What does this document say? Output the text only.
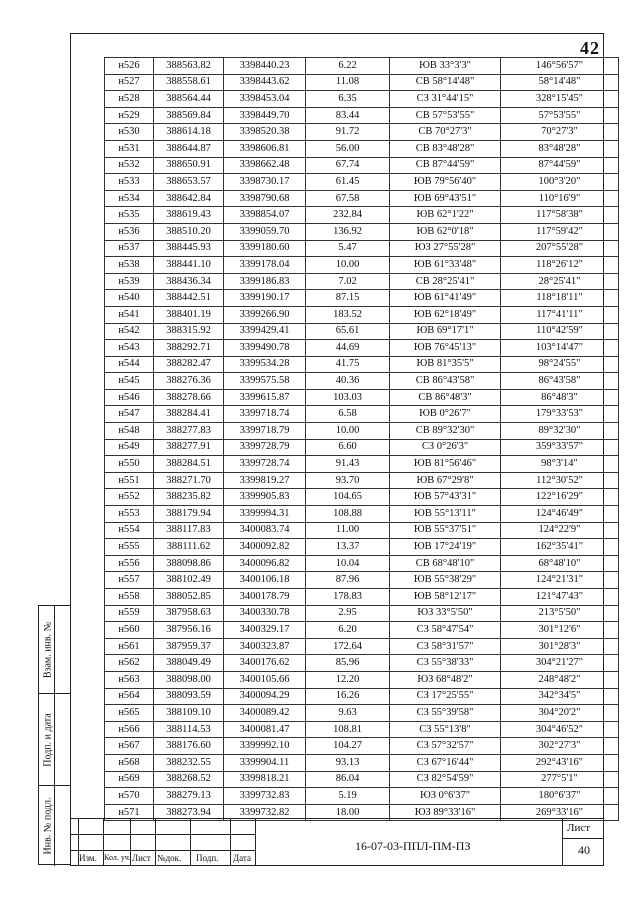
42
н526	388563.82	3398440.23	6.22	ЮВ 33°3'3"	146°56'57"
н527	388558.61	3398443.62	11.08	СВ 58°14'48"	58°14'48"
н528	388564.44	3398453.04	6.35	СЗ 31°44'15"	328°15'45"
н529	388569.84	3398449.70	83.44	СВ 57°53'55"	57°53'55"
н530	388614.18	3398520.38	91.72	СВ 70°27'3"	70°27'3"
н531	388644.87	3398606.81	56.00	СВ 83°48'28"	83°48'28"
н532	388650.91	3398662.48	67.74	СВ 87°44'59"	87°44'59"
н533	388653.57	3398730.17	61.45	ЮВ 79°56'40"	100°3'20"
н534	388642.84	3398790.68	67.58	ЮВ 69°43'51"	110°16'9"
н535	388619.43	3398854.07	232.84	ЮВ 62°1'22"	117°58'38"
н536	388510.20	3399059.70	136.92	ЮВ 62°0'18"	117°59'42"
н537	388445.93	3399180.60	5.47	ЮЗ 27°55'28"	207°55'28"
н538	388441.10	3399178.04	10.00	ЮВ 61°33'48"	118°26'12"
н539	388436.34	3399186.83	7.02	СВ 28°25'41"	28°25'41"
н540	388442.51	3399190.17	87.15	ЮВ 61°41'49"	118°18'11"
н541	388401.19	3399266.90	183.52	ЮВ 62°18'49"	117°41'11"
н542	388315.92	3399429.41	65.61	ЮВ 69°17'1"	110°42'59"
н543	388292.71	3399490.78	44.69	ЮВ 76°45'13"	103°14'47"
н544	388282.47	3399534.28	41.75	ЮВ 81°35'5"	98°24'55"
н545	388276.36	3399575.58	40.36	СВ 86°43'58"	86°43'58"
н546	388278.66	3399615.87	103.03	СВ 86°48'3"	86°48'3"
н547	388284.41	3399718.74	6.58	ЮВ 0°26'7"	179°33'53"
н548	388277.83	3399718.79	10.00	СВ 89°32'30"	89°32'30"
н549	388277.91	3399728.79	6.60	СЗ 0°26'3"	359°33'57"
н550	388284.51	3399728.74	91.43	ЮВ 81°56'46"	98°3'14"
н551	388271.70	3399819.27	93.70	ЮВ 67°29'8"	112°30'52"
н552	388235.82	3399905.83	104.65	ЮВ 57°43'31"	122°16'29"
н553	388179.94	3399994.31	108.88	ЮВ 55°13'11"	124°46'49"
н554	388117.83	3400083.74	11.00	ЮВ 55°37'51"	124°22'9"
н555	388111.62	3400092.82	13.37	ЮВ 17°24'19"	162°35'41"
н556	388098.86	3400096.82	10.04	СВ 68°48'10"	68°48'10"
н557	388102.49	3400106.18	87.96	ЮВ 55°38'29"	124°21'31"
н558	388052.85	3400178.79	178.83	ЮВ 58°12'17"	121°47'43"
н559	387958.63	3400330.78	2.95	ЮЗ 33°5'50"	213°5'50"
н560	387956.16	3400329.17	6.20	СЗ 58°47'54"	301°12'6"
н561	387959.37	3400323.87	172.64	СЗ 58°31'57"	301°28'3"
н562	388049.49	3400176.62	85.96	СЗ 55°38'33"	304°21'27"
н563	388098.00	3400105.66	12.20	ЮЗ 68°48'2"	248°48'2"
н564	388093.59	3400094.29	16.26	СЗ 17°25'55"	342°34'5"
н565	388109.10	3400089.42	9.63	СЗ 55°39'58"	304°20'2"
н566	388114.53	3400081.47	108.81	СЗ 55°13'8"	304°46'52"
н567	388176.60	3399992.10	104.27	СЗ 57°32'57"	302°27'3"
н568	388232.55	3399904.11	93.13	СЗ 67°16'44"	292°43'16"
н569	388268.52	3399818.21	86.04	СЗ 82°54'59"	277°5'1"
н570	388279.13	3399732.83	5.19	ЮЗ 0°6'37"	180°6'37"
н571	388273.94	3399732.82	18.00	ЮЗ 89°33'16"	269°33'16"
Взам. инв. №
Подп. и дата
Инв. № подл.
Изм. Кол. уч. Лист №док. Подп. Дата
16-07-03-ППЛ-ПМ-ПЗ
Лист
40
